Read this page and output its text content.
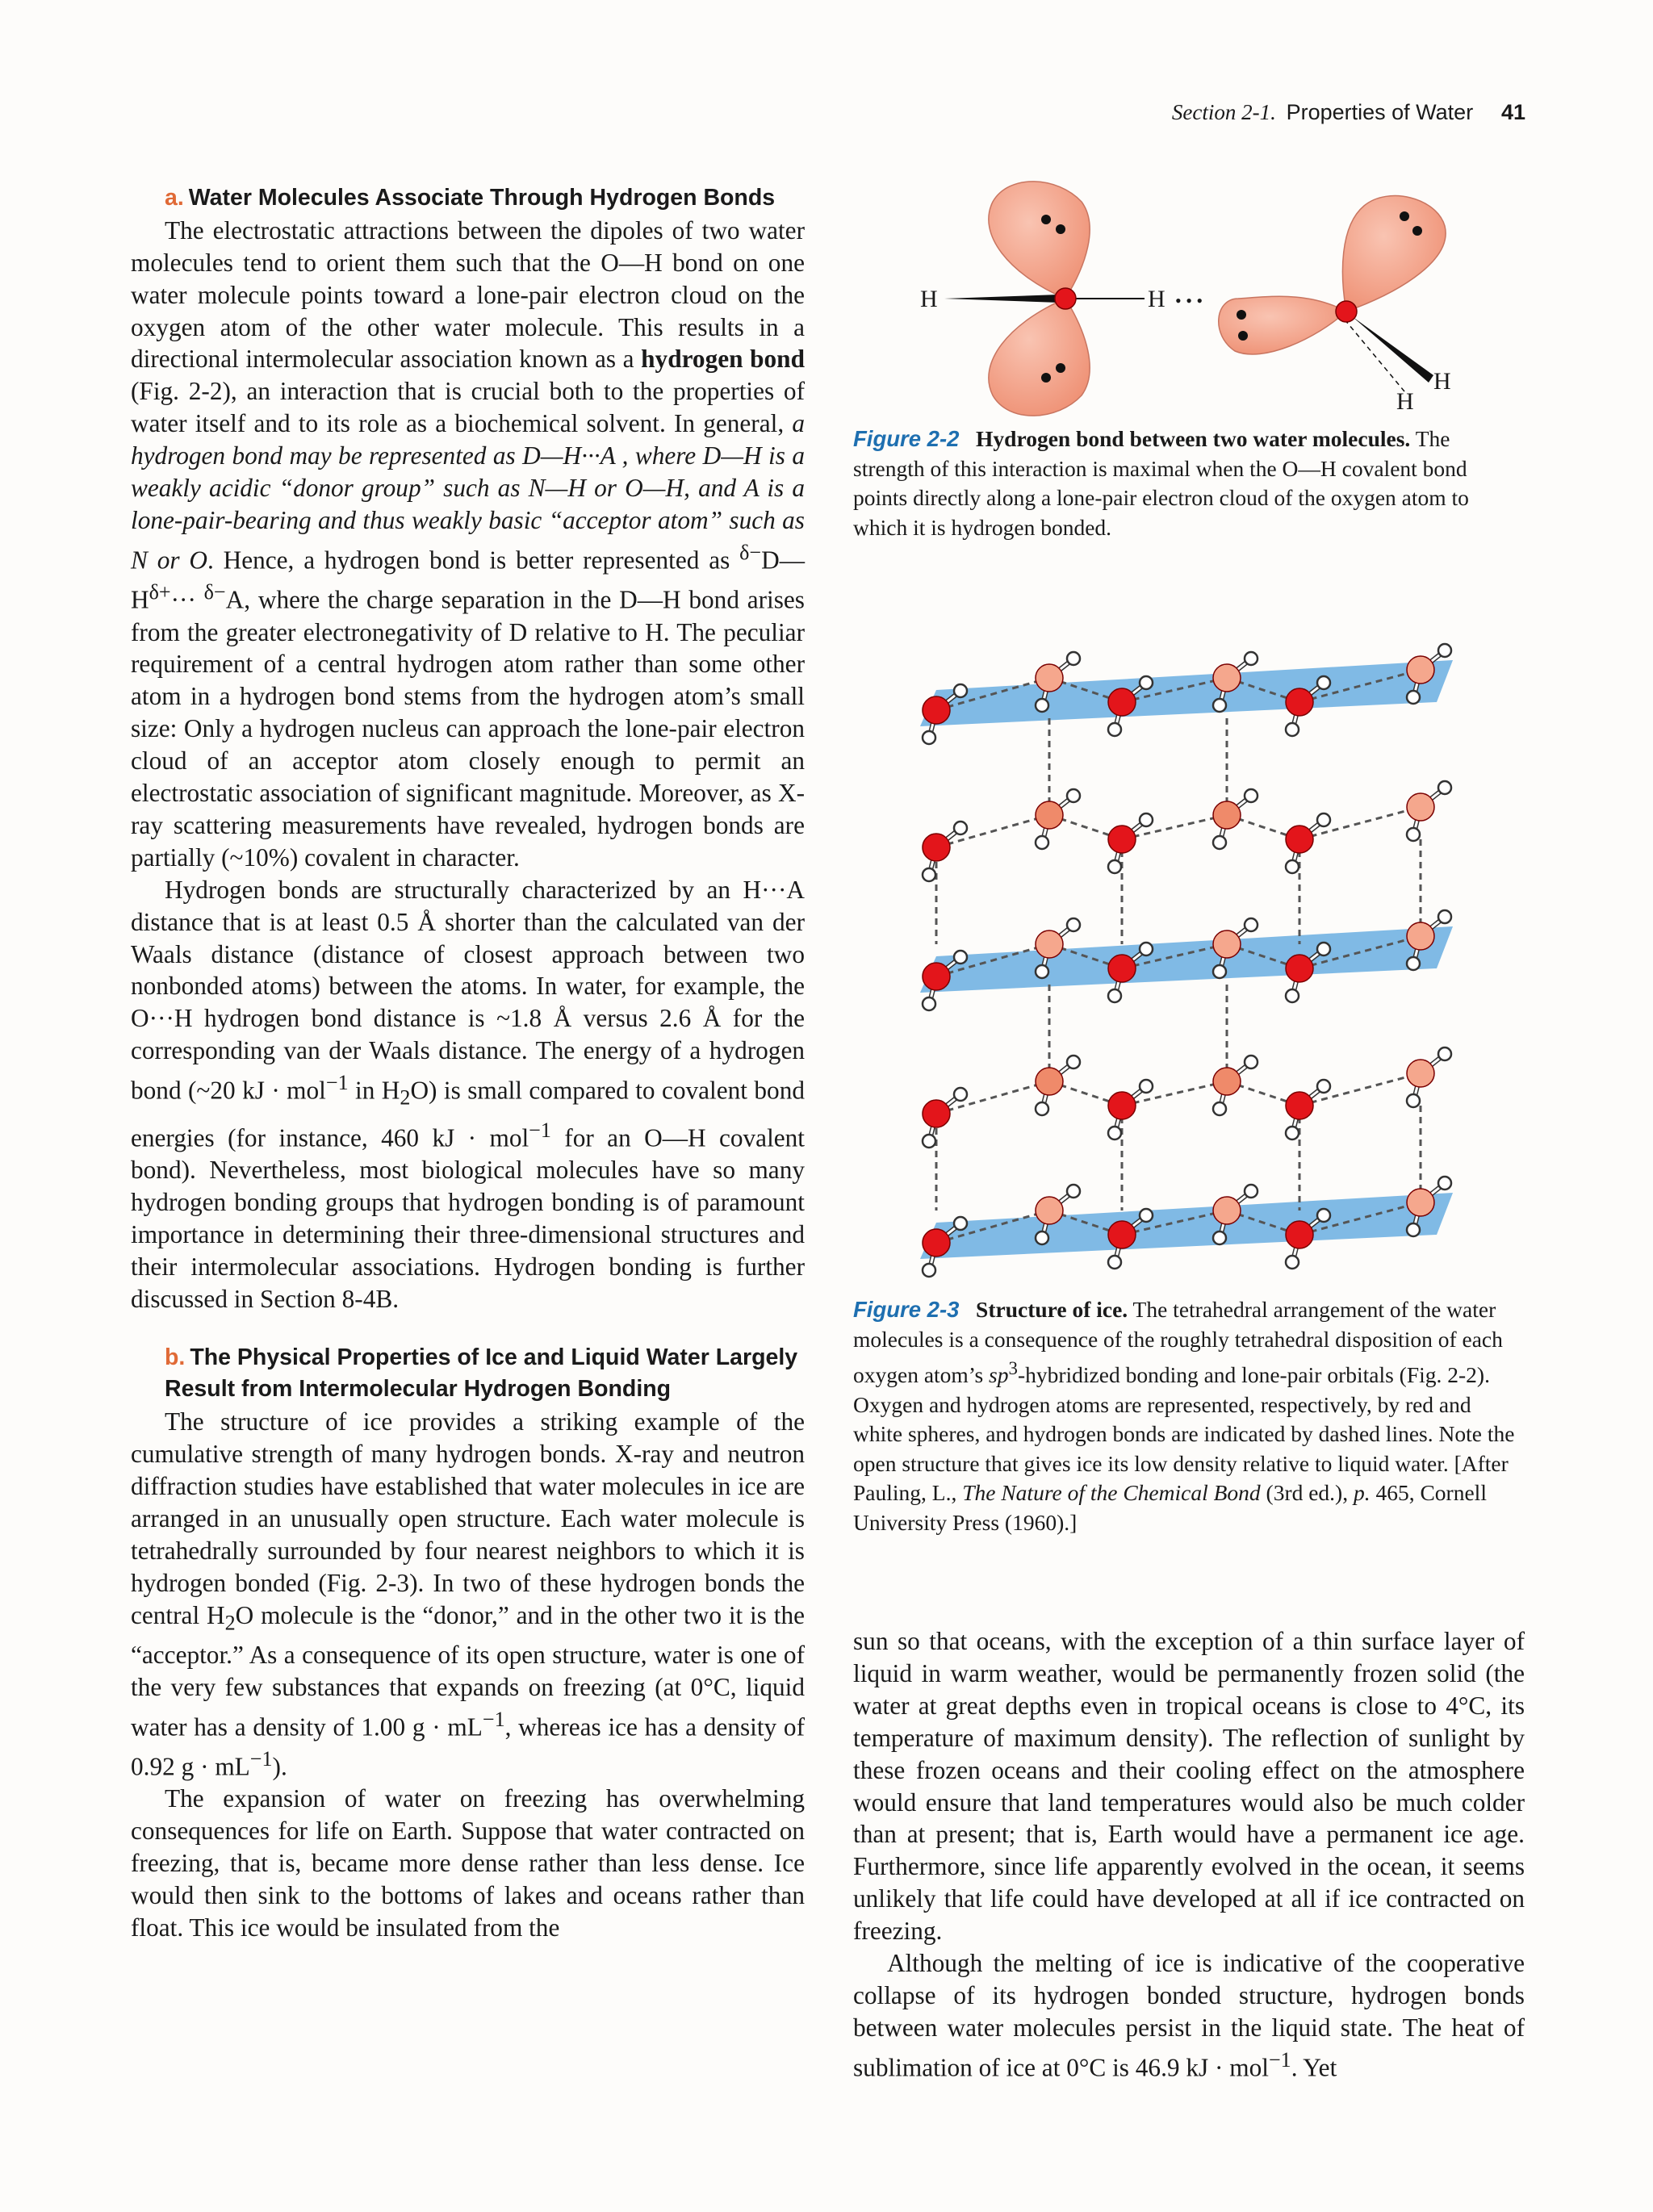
Section 2-1. Properties of Water 41
a. Water Molecules Associate Through Hydrogen Bonds

The electrostatic attractions between the dipoles of two water molecules tend to orient them such that the O—H bond on one water molecule points toward a lone-pair electron cloud on the oxygen atom of the other water molecule. This results in a directional intermolecular association known as a hydrogen bond (Fig. 2-2), an interaction that is crucial both to the properties of water itself and to its role as a biochemical solvent. In general, a hydrogen bond may be represented as D—H···A , where D—H is a weakly acidic “donor group” such as N—H or O—H, and A is a lone-pair-bearing and thus weakly basic “acceptor atom” such as N or O. Hence, a hydrogen bond is better represented as $^{\delta-}D—H^{\delta+}\cdot\cdot\cdot ^{\delta-}A$, where the charge separation in the D—H bond arises from the greater electronegativity of D relative to H. The peculiar requirement of a central hydrogen atom rather than some other atom in a hydrogen bond stems from the hydrogen atom’s small size: Only a hydrogen nucleus can approach the lone-pair electron cloud of an acceptor atom closely enough to permit an electrostatic association of significant magnitude. Moreover, as X-ray scattering measurements have revealed, hydrogen bonds are partially (~10%) covalent in character.

Hydrogen bonds are structurally characterized by an H···A distance that is at least 0.5 Å shorter than the calculated van der Waals distance (distance of closest approach between two nonbonded atoms) between the atoms. In water, for example, the O···H hydrogen bond distance is ~1.8 Å versus 2.6 Å for the corresponding van der Waals distance. The energy of a hydrogen bond (~20 kJ · mol$^{-1}$ in $H_2O$) is small compared to covalent bond energies (for instance, 460 kJ · mol$^{-1}$ for an O—H covalent bond). Nevertheless, most biological molecules have so many hydrogen bonding groups that hydrogen bonding is of paramount importance in determining their three-dimensional structures and their intermolecular associations. Hydrogen bonding is further discussed in Section 8-4B.

b. The Physical Properties of Ice and Liquid Water Largely Result from Intermolecular Hydrogen Bonding

The structure of ice provides a striking example of the cumulative strength of many hydrogen bonds. X-ray and neutron diffraction studies have established that water molecules in ice are arranged in an unusually open structure. Each water molecule is tetrahedrally surrounded by four nearest neighbors to which it is hydrogen bonded (Fig. 2-3). In two of these hydrogen bonds the central $H_2O$ molecule is the “donor,” and in the other two it is the “acceptor.” As a consequence of its open structure, water is one of the very few substances that expands on freezing (at 0°C, liquid water has a density of 1.00 $g \cdot mL^{-1}$, whereas ice has a density of 0.92 $g \cdot mL^{-1}$).

The expansion of water on freezing has overwhelming consequences for life on Earth. Suppose that water contracted on freezing, that is, became more dense rather than less dense. Ice would then sink to the bottoms of lakes and oceans rather than float. This ice would be insulated from the

sun so that oceans, with the exception of a thin surface layer of liquid in warm weather, would be permanently frozen solid (the water at great depths even in tropical oceans is close to 4°C, its temperature of maximum density). The reflection of sunlight by these frozen oceans and their cooling effect on the atmosphere would ensure that land temperatures would also be much colder than at present; that is, Earth would have a permanent ice age. Furthermore, since life apparently evolved in the ocean, it seems unlikely that life could have developed at all if ice contracted on freezing.

Although the melting of ice is indicative of the cooperative collapse of its hydrogen bonded structure, hydrogen bonds between water molecules persist in the liquid state. The heat of sublimation of ice at 0°C is 46.9 kJ · mol$^{-1}$. Yet

H	H • • •
H
H
Figure 2-2 Hydrogen bond between two water molecules. The strength of this interaction is maximal when the O—H covalent bond points directly along a lone-pair electron cloud of the oxygen atom to which it is hydrogen bonded.
Figure 2-3 Structure of ice. The tetrahedral arrangement of the water molecules is a consequence of the roughly tetrahedral disposition of each oxygen atom’s $sp^3$-hybridized bonding and lone-pair orbitals (Fig. 2-2). Oxygen and hydrogen atoms are represented, respectively, by red and white spheres, and hydrogen bonds are indicated by dashed lines. Note the open structure that gives ice its low density relative to liquid water. [After Pauling, L., The Nature of the Chemical Bond (3rd ed.), p. 465, Cornell University Press (1960).]
